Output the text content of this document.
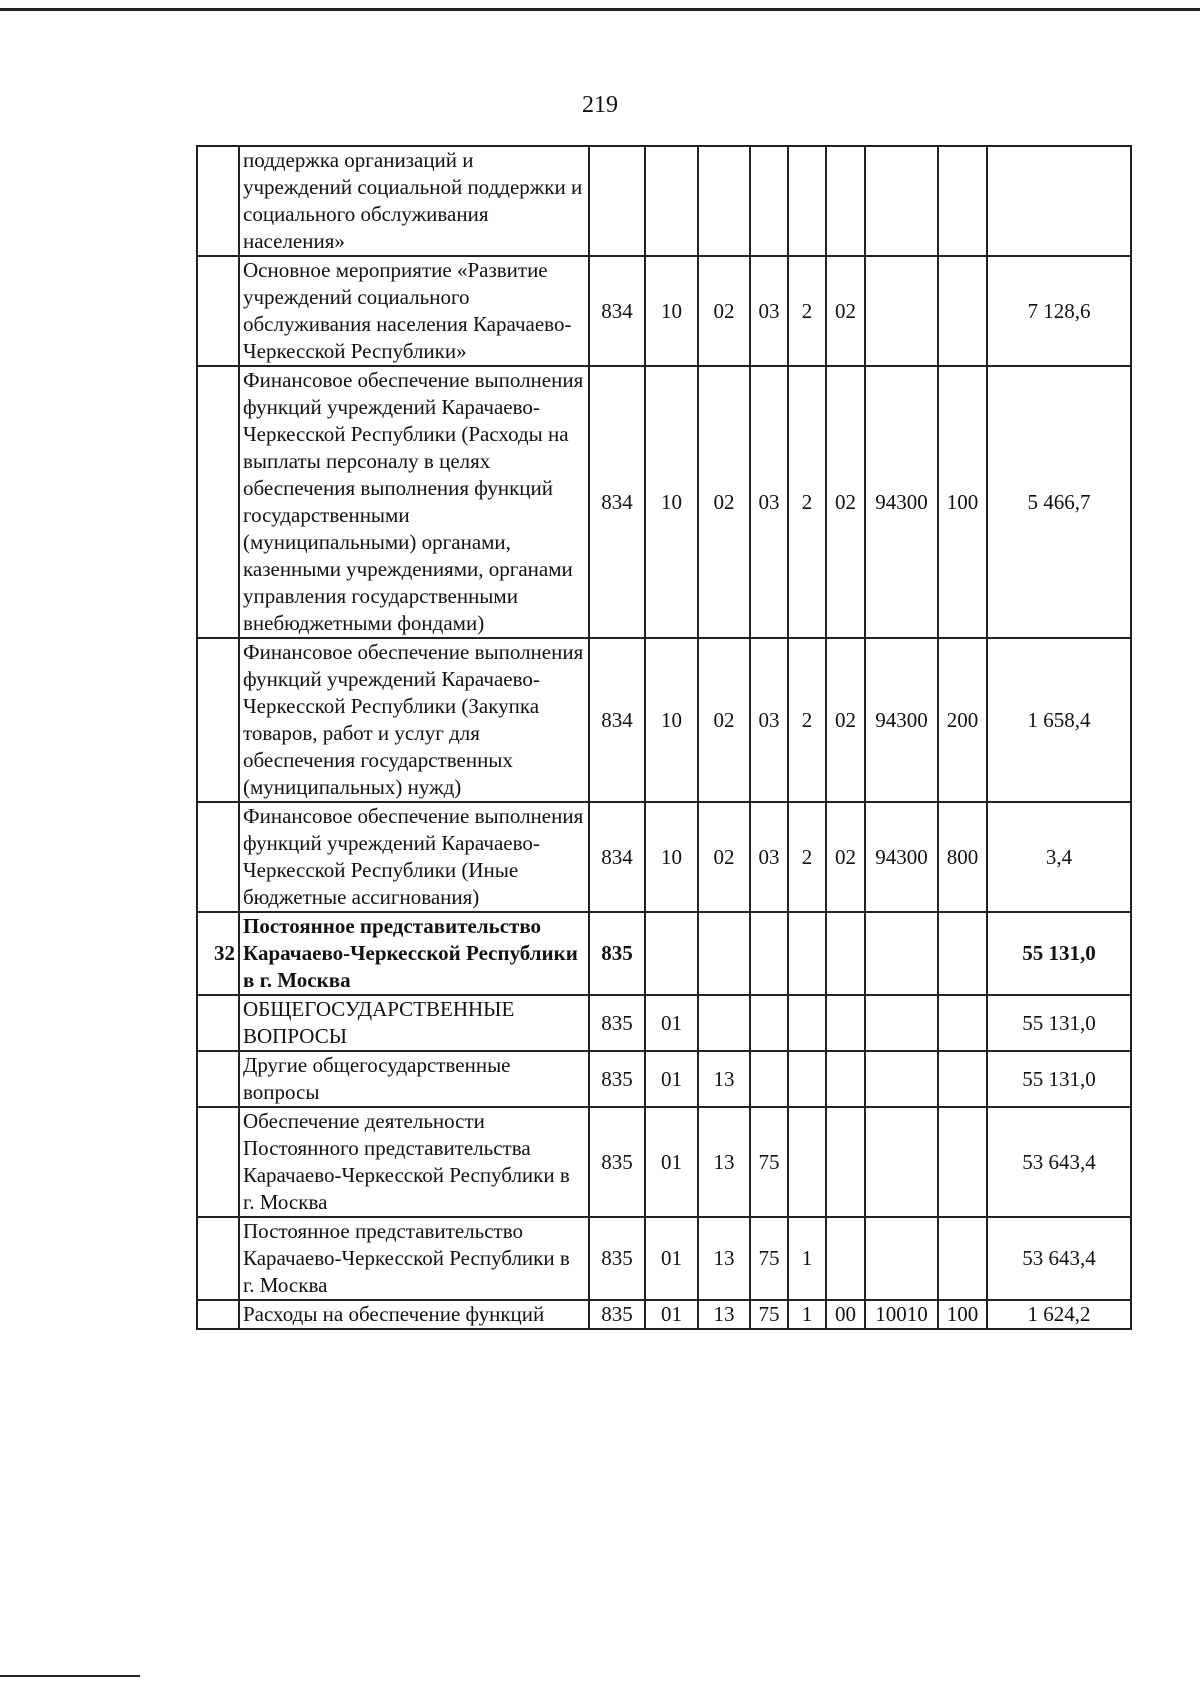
219
	поддержка организаций и учреждений социальной поддержки и социального обслуживания населения»									
	Основное мероприятие «Развитие учреждений социального обслуживания населения Карачаево-Черкесской Республики»	834	10	02	03	2	02			7 128,6
	Финансовое обеспечение выполнения функций учреждений Карачаево-Черкесской Республики (Расходы на выплаты персоналу в целях обеспечения выполнения функций государственными (муниципальными) органами, казенными учреждениями, органами управления государственными внебюджетными фондами)	834	10	02	03	2	02	94300	100	5 466,7
	Финансовое обеспечение выполнения функций учреждений Карачаево-Черкесской Республики (Закупка товаров, работ и услуг для обеспечения государственных (муниципальных) нужд)	834	10	02	03	2	02	94300	200	1 658,4
	Финансовое обеспечение выполнения функций учреждений Карачаево-Черкесской Республики (Иные бюджетные ассигнования)	834	10	02	03	2	02	94300	800	3,4
32	Постоянное представительство Карачаево-Черкесской Республики в г. Москва	835								55 131,0
	ОБЩЕГОСУДАРСТВЕННЫЕ ВОПРОСЫ	835	01							55 131,0
	Другие общегосударственные вопросы	835	01	13						55 131,0
	Обеспечение деятельности Постоянного представительства Карачаево-Черкесской Республики в г. Москва	835	01	13	75					53 643,4
	Постоянное представительство Карачаево-Черкесской Республики в г. Москва	835	01	13	75	1				53 643,4
	Расходы на обеспечение функций	835	01	13	75	1	00	10010	100	1 624,2
